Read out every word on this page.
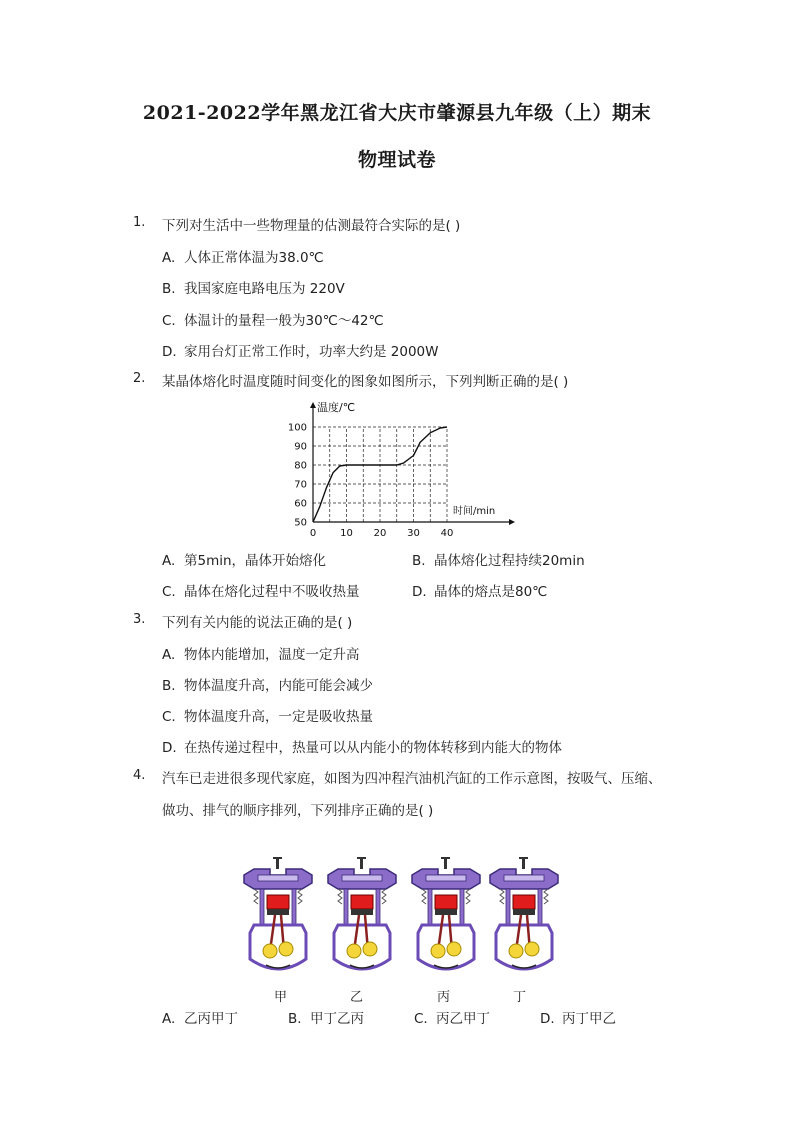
2021-2022学年黑龙江省大庆市肇源县九年级（上）期末
物理试卷
1. 下列对生活中一些物理量的估测最符合实际的是( )
A. 人体正常体温为38.0℃
B. 我国家庭电路电压为 220V
C. 体温计的量程一般为30℃～42℃
D. 家用台灯正常工作时，功率大约是 2000W
2. 某晶体熔化时温度随时间变化的图象如图所示，下列判断正确的是( )
0 10 20 30 40
50
60
70
80
90
100
温度/℃
时间/min
A. 第5min，晶体开始熔化	B. 晶体熔化过程持续20min
C. 晶体在熔化过程中不吸收热量	D. 晶体的熔点是80℃
3. 下列有关内能的说法正确的是( )
A. 物体内能增加，温度一定升高
B. 物体温度升高，内能可能会减少
C. 物体温度升高，一定是吸收热量
D. 在热传递过程中，热量可以从内能小的物体转移到内能大的物体
4. 汽车已走进很多现代家庭，如图为四冲程汽油机汽缸的工作示意图，按吸气、压缩、
做功、排气的顺序排列，下列排序正确的是( )
甲	乙	丙	丁
A. 乙丙甲丁	B. 甲丁乙丙	C. 丙乙甲丁	D. 丙丁甲乙
